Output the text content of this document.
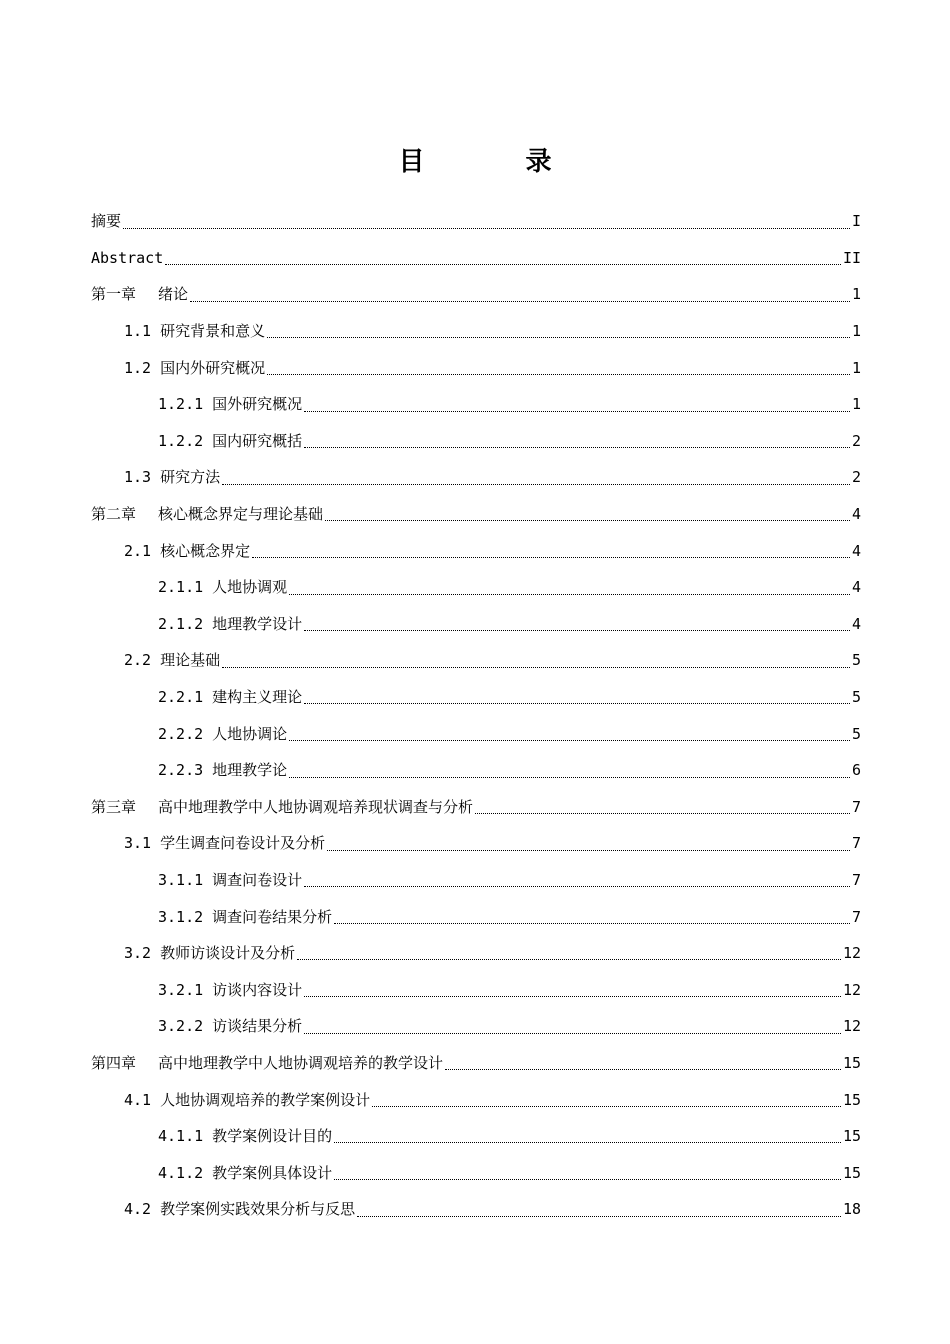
目 录
摘要	I
Abstract	II
第一章 绪论	1
1.1 研究背景和意义	1
1.2 国内外研究概况	1
1.2.1 国外研究概况	1
1.2.2 国内研究概括	2
1.3 研究方法	2
第二章 核心概念界定与理论基础	4
2.1 核心概念界定	4
2.1.1 人地协调观	4
2.1.2 地理教学设计	4
2.2 理论基础	5
2.2.1 建构主义理论	5
2.2.2 人地协调论	5
2.2.3 地理教学论	6
第三章 高中地理教学中人地协调观培养现状调查与分析	7
3.1 学生调查问卷设计及分析	7
3.1.1 调查问卷设计	7
3.1.2 调查问卷结果分析	7
3.2 教师访谈设计及分析	12
3.2.1 访谈内容设计	12
3.2.2 访谈结果分析	12
第四章 高中地理教学中人地协调观培养的教学设计	15
4.1 人地协调观培养的教学案例设计	15
4.1.1 教学案例设计目的	15
4.1.2 教学案例具体设计	15
4.2 教学案例实践效果分析与反思	18
